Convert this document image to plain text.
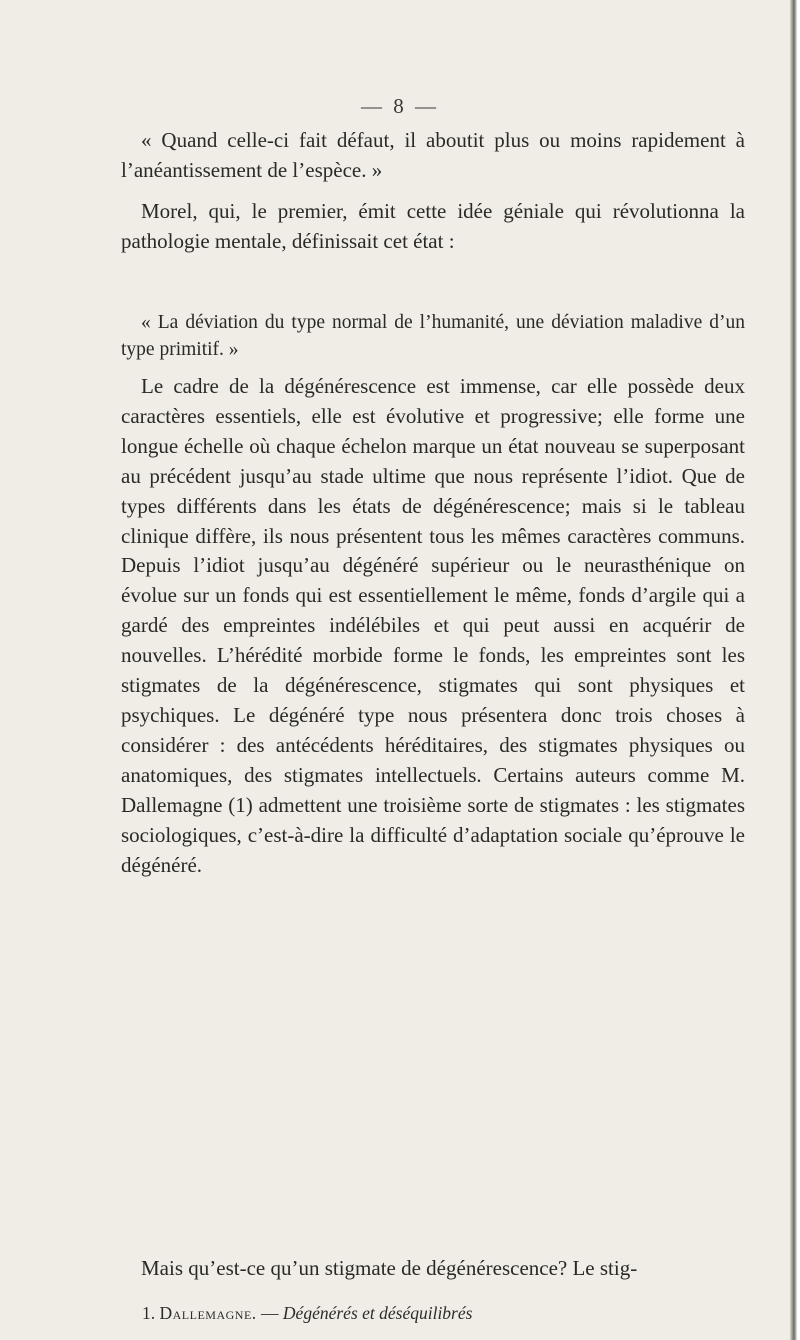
— 8 —

« Quand celle-ci fait défaut, il aboutit plus ou moins rapidement à l’anéantissement de l’espèce. »

Morel, qui, le premier, émit cette idée géniale qui révolutionna la pathologie mentale, définissait cet état :

« La déviation du type normal de l’humanité, une déviation maladive d’un type primitif. »

Le cadre de la dégénérescence est immense, car elle possède deux caractères essentiels, elle est évolutive et progressive; elle forme une longue échelle où chaque échelon marque un état nouveau se superposant au précédent jusqu’au stade ultime que nous représente l’idiot. Que de types différents dans les états de dégénérescence; mais si le tableau clinique diffère, ils nous présentent tous les mêmes caractères communs. Depuis l’idiot jusqu’au dégénéré supérieur ou le neurasthénique on évolue sur un fonds qui est essentiellement le même, fonds d’argile qui a gardé des empreintes indélébiles et qui peut aussi en acquérir de nouvelles. L’hérédité morbide forme le fonds, les empreintes sont les stigmates de la dégénérescence, stigmates qui sont physiques et psychiques. Le dégénéré type nous présentera donc trois choses à considérer : des antécédents héréditaires, des stigmates physiques ou anatomiques, des stigmates intellectuels. Certains auteurs comme M. Dallemagne (1) admettent une troisième sorte de stigmates : les stigmates sociologiques, c’est-à-dire la difficulté d’adaptation sociale qu’éprouve le dégénéré.

Mais qu’est-ce qu’un stigmate de dégénérescence? Le stig-

1. Dallemagne. — Dégénérés et déséquilibrés
